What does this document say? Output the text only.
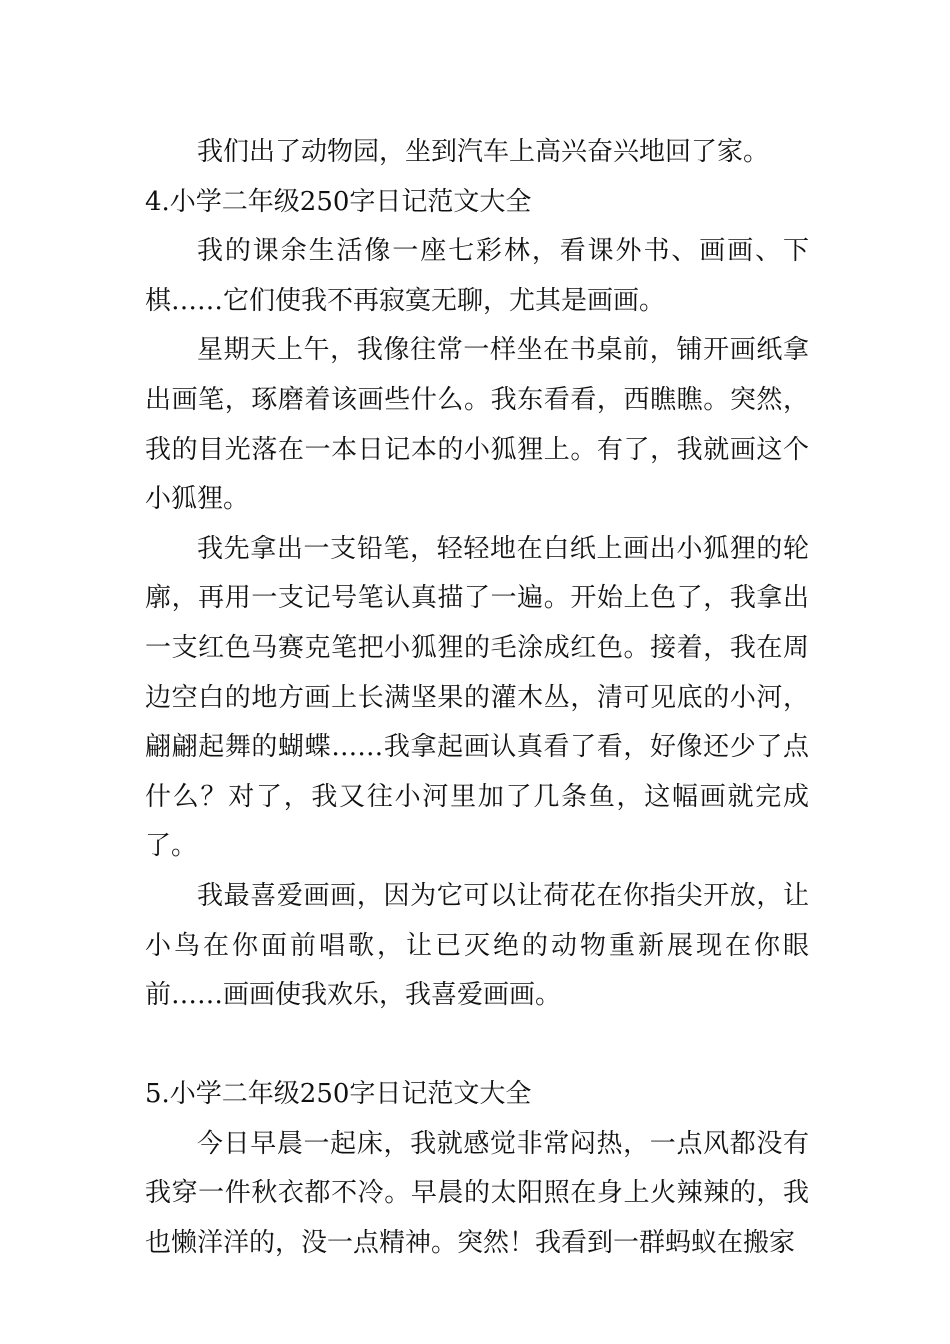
我们出了动物园，坐到汽车上高兴奋兴地回了家。

4.小学二年级250字日记范文大全

我的课余生活像一座七彩林，看课外书、画画、下棋……它们使我不再寂寞无聊，尤其是画画。

星期天上午，我像往常一样坐在书桌前，铺开画纸拿出画笔，琢磨着该画些什么。我东看看，西瞧瞧。突然，我的目光落在一本日记本的小狐狸上。有了，我就画这个小狐狸。

我先拿出一支铅笔，轻轻地在白纸上画出小狐狸的轮廓，再用一支记号笔认真描了一遍。开始上色了，我拿出一支红色马赛克笔把小狐狸的毛涂成红色。接着，我在周边空白的地方画上长满坚果的灌木丛，清可见底的小河，翩翩起舞的蝴蝶……我拿起画认真看了看，好像还少了点什么？对了，我又往小河里加了几条鱼，这幅画就完成了。

我最喜爱画画，因为它可以让荷花在你指尖开放，让小鸟在你面前唱歌，让已灭绝的动物重新展现在你眼前……画画使我欢乐，我喜爱画画。

5.小学二年级250字日记范文大全

今日早晨一起床，我就感觉非常闷热，一点风都没有我穿一件秋衣都不冷。早晨的太阳照在身上火辣辣的，我也懒洋洋的，没一点精神。突然！我看到一群蚂蚁在搬家
